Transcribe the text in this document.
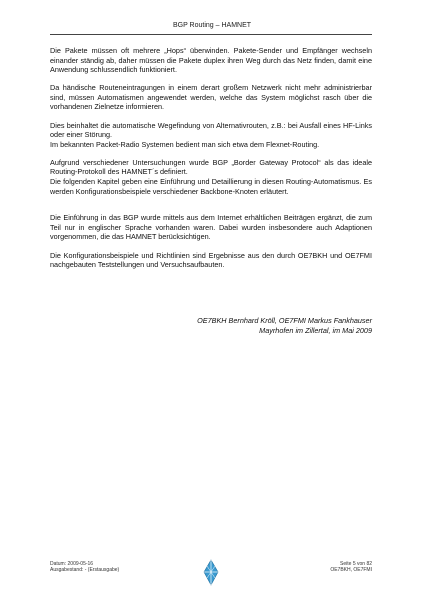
BGP Routing – HAMNET

Die Pakete müssen oft mehrere „Hops“ überwinden. Pakete-Sender und Empfänger wechseln einander ständig ab, daher müssen die Pakete duplex ihren Weg durch das Netz finden, damit eine Anwendung schlussendlich funktioniert.

Da händische Routeneintragungen in einem derart großem Netzwerk nicht mehr administrierbar sind, müssen Automatismen angewendet werden, welche das System möglichst rasch über die vorhandenen Zielnetze informieren.

Dies beinhaltet die automatische Wegefindung von Alternativrouten, z.B.: bei Ausfall eines HF-Links oder einer Störung.
Im bekannten Packet-Radio Systemen bedient man sich etwa dem Flexnet-Routing.

Aufgrund verschiedener Untersuchungen wurde BGP „Border Gateway Protocol“ als das ideale Routing-Protokoll des HAMNET´s definiert.
Die folgenden Kapitel geben eine Einführung und Detaillierung in diesen Routing-Automatismus. Es werden Konfigurationsbeispiele verschiedener Backbone-Knoten erläutert.

Die Einführung in das BGP wurde mittels aus dem Internet erhältlichen Beiträgen ergänzt, die zum Teil nur in englischer Sprache vorhanden waren. Dabei wurden insbesondere auch Adaptionen vorgenommen, die das HAMNET berücksichtigen.

Die Konfigurationsbeispiele und Richtlinien sind Ergebnisse aus den durch OE7BKH und OE7FMI nachgebauten Teststellungen und Versuchsaufbauten.

OE7BKH Bernhard Kröll, OE7FMI Markus Fankhauser
Mayrhofen im Zillertal, im Mai 2009
Datum: 2009-05-16
Ausgabestand: - (Erstausgabe)
Seite 5 von 82
OE7BKH, OE7FMI
